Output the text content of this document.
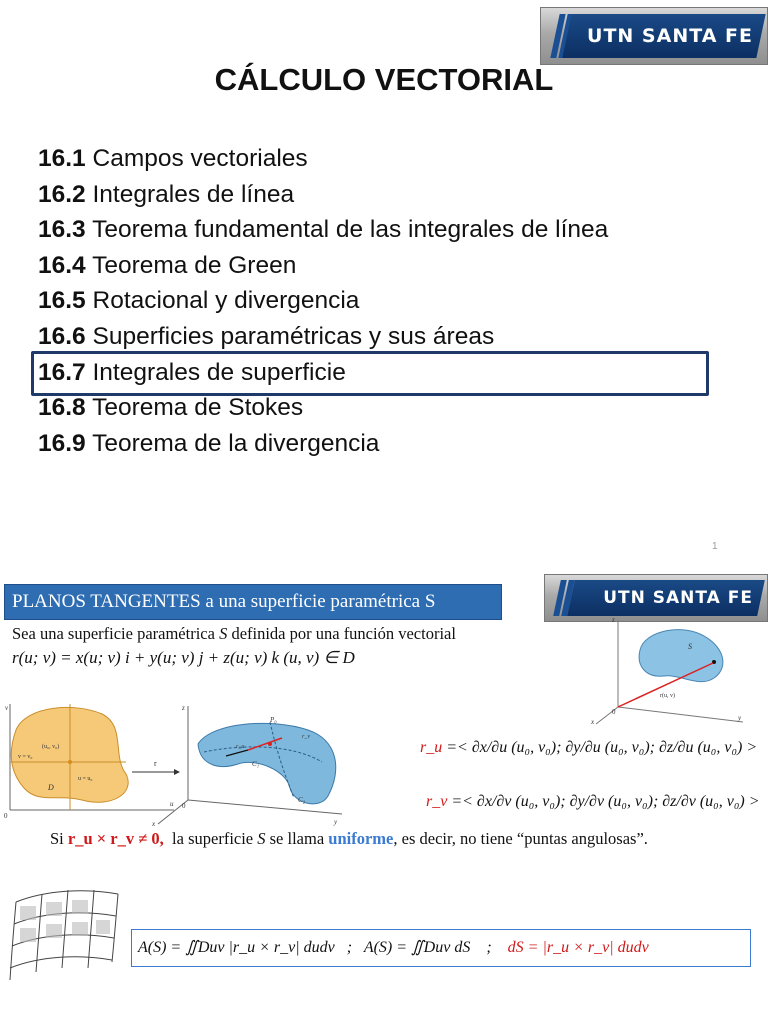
UTN SANTA FE
CÁLCULO VECTORIAL
16.1 Campos vectoriales
16.2 Integrales de línea
16.3 Teorema fundamental de las integrales de línea
16.4 Teorema de Green
16.5 Rotacional y divergencia
16.6 Superficies paramétricas y sus áreas
16.7 Integrales de superficie
16.8 Teorema de Stokes
16.9 Teorema de la divergencia
1
PLANOS TANGENTES a una superficie paramétrica S	UTN SANTA FE
Sea una superficie paramétrica S definida por una función vectorial
r(u; v) = x(u; v) i + y(u; v) j + z(u; v) k (u, v) ∈ D
z
y
x
0
S
r(u, v)
v
u
0
(u₀, v₀)
v = v₀
u = u₀
D
r
z
y
x
0
P₀
r_v
r_u
C₁
C₂
r_u =< ∂x/∂u (u₀, v₀); ∂y/∂u (u₀, v₀); ∂z/∂u (u₀, v₀) >
r_v =< ∂x/∂v (u₀, v₀); ∂y/∂v (u₀, v₀); ∂z/∂v (u₀, v₀) >
Si r_u × r_v ≠ 0, la superficie S se llama uniforme, es decir, no tiene “puntas angulosas”.
A(S) = ∬Duv |r_u × r_v| dudv ; A(S) = ∬Duv dS ; dS = |r_u × r_v| dudv
